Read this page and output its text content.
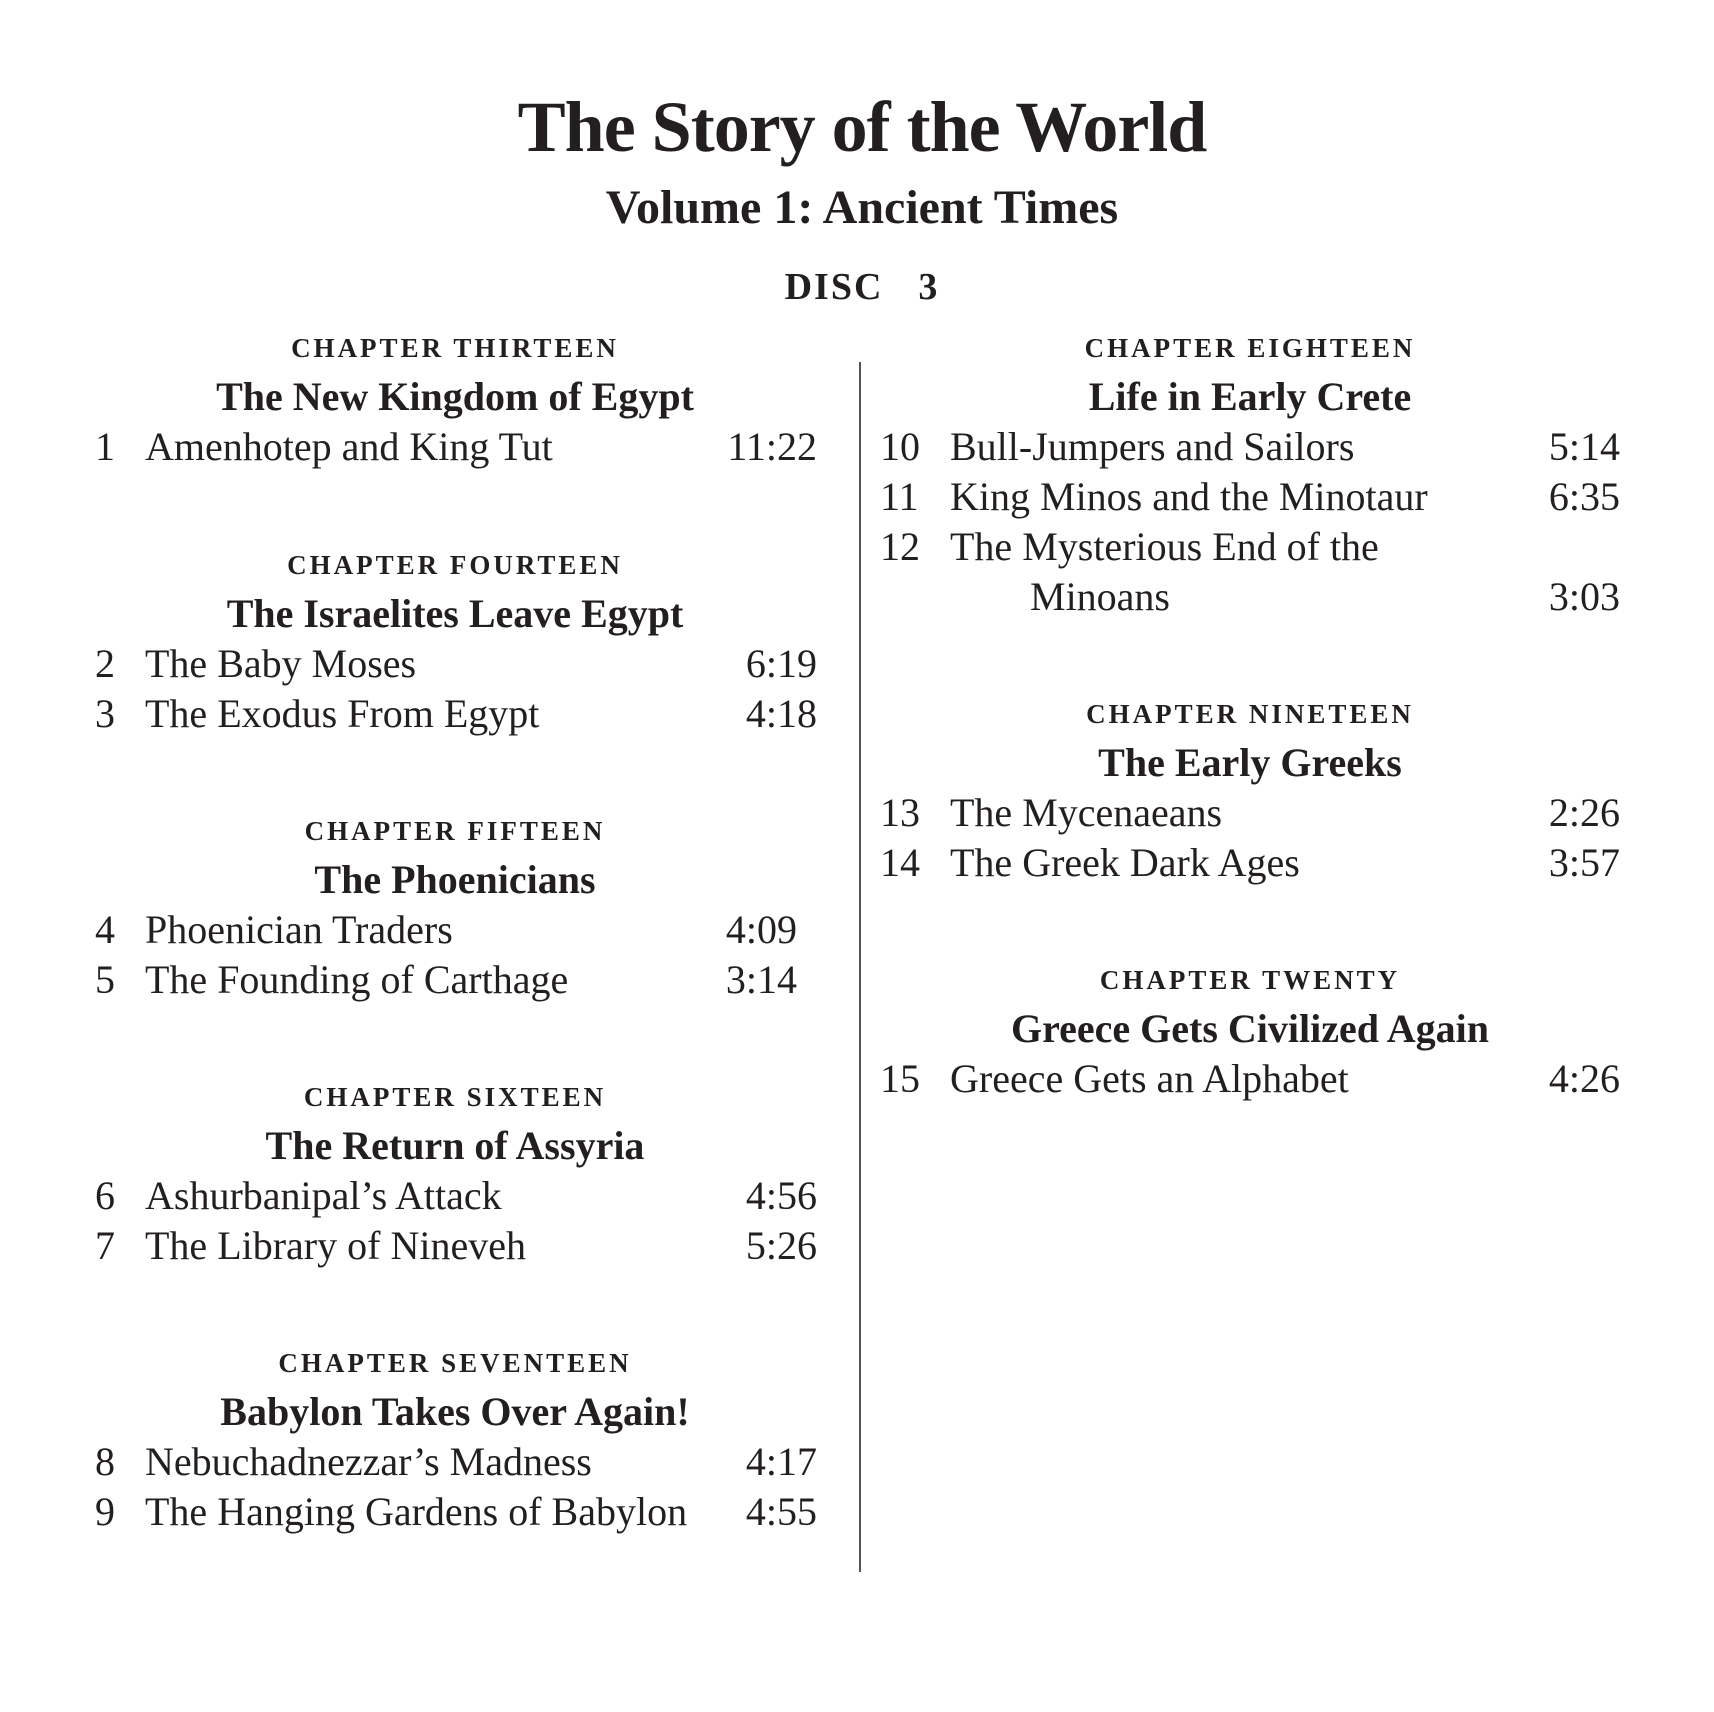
The Story of the World
Volume 1: Ancient Times
DISC  3
CHAPTER THIRTEEN
The New Kingdom of Egypt
1 Amenhotep and King Tut	11:22
CHAPTER FOURTEEN
The Israelites Leave Egypt
2 The Baby Moses	6:19
3 The Exodus From Egypt	4:18
CHAPTER FIFTEEN
The Phoenicians
4 Phoenician Traders	4:09
5 The Founding of Carthage	3:14
CHAPTER SIXTEEN
The Return of Assyria
6 Ashurbanipal’s Attack	4:56
7 The Library of Nineveh	5:26
CHAPTER SEVENTEEN
Babylon Takes Over Again!
8 Nebuchadnezzar’s Madness	4:17
9 The Hanging Gardens of Babylon 4:55
CHAPTER EIGHTEEN
Life in Early Crete
10 Bull-Jumpers and Sailors	5:14
11 King Minos and the Minotaur	6:35
12 The Mysterious End of the
Minoans	3:03
CHAPTER NINETEEN
The Early Greeks
13 The Mycenaeans	2:26
14 The Greek Dark Ages	3:57
CHAPTER TWENTY
Greece Gets Civilized Again
15 Greece Gets an Alphabet	4:26
